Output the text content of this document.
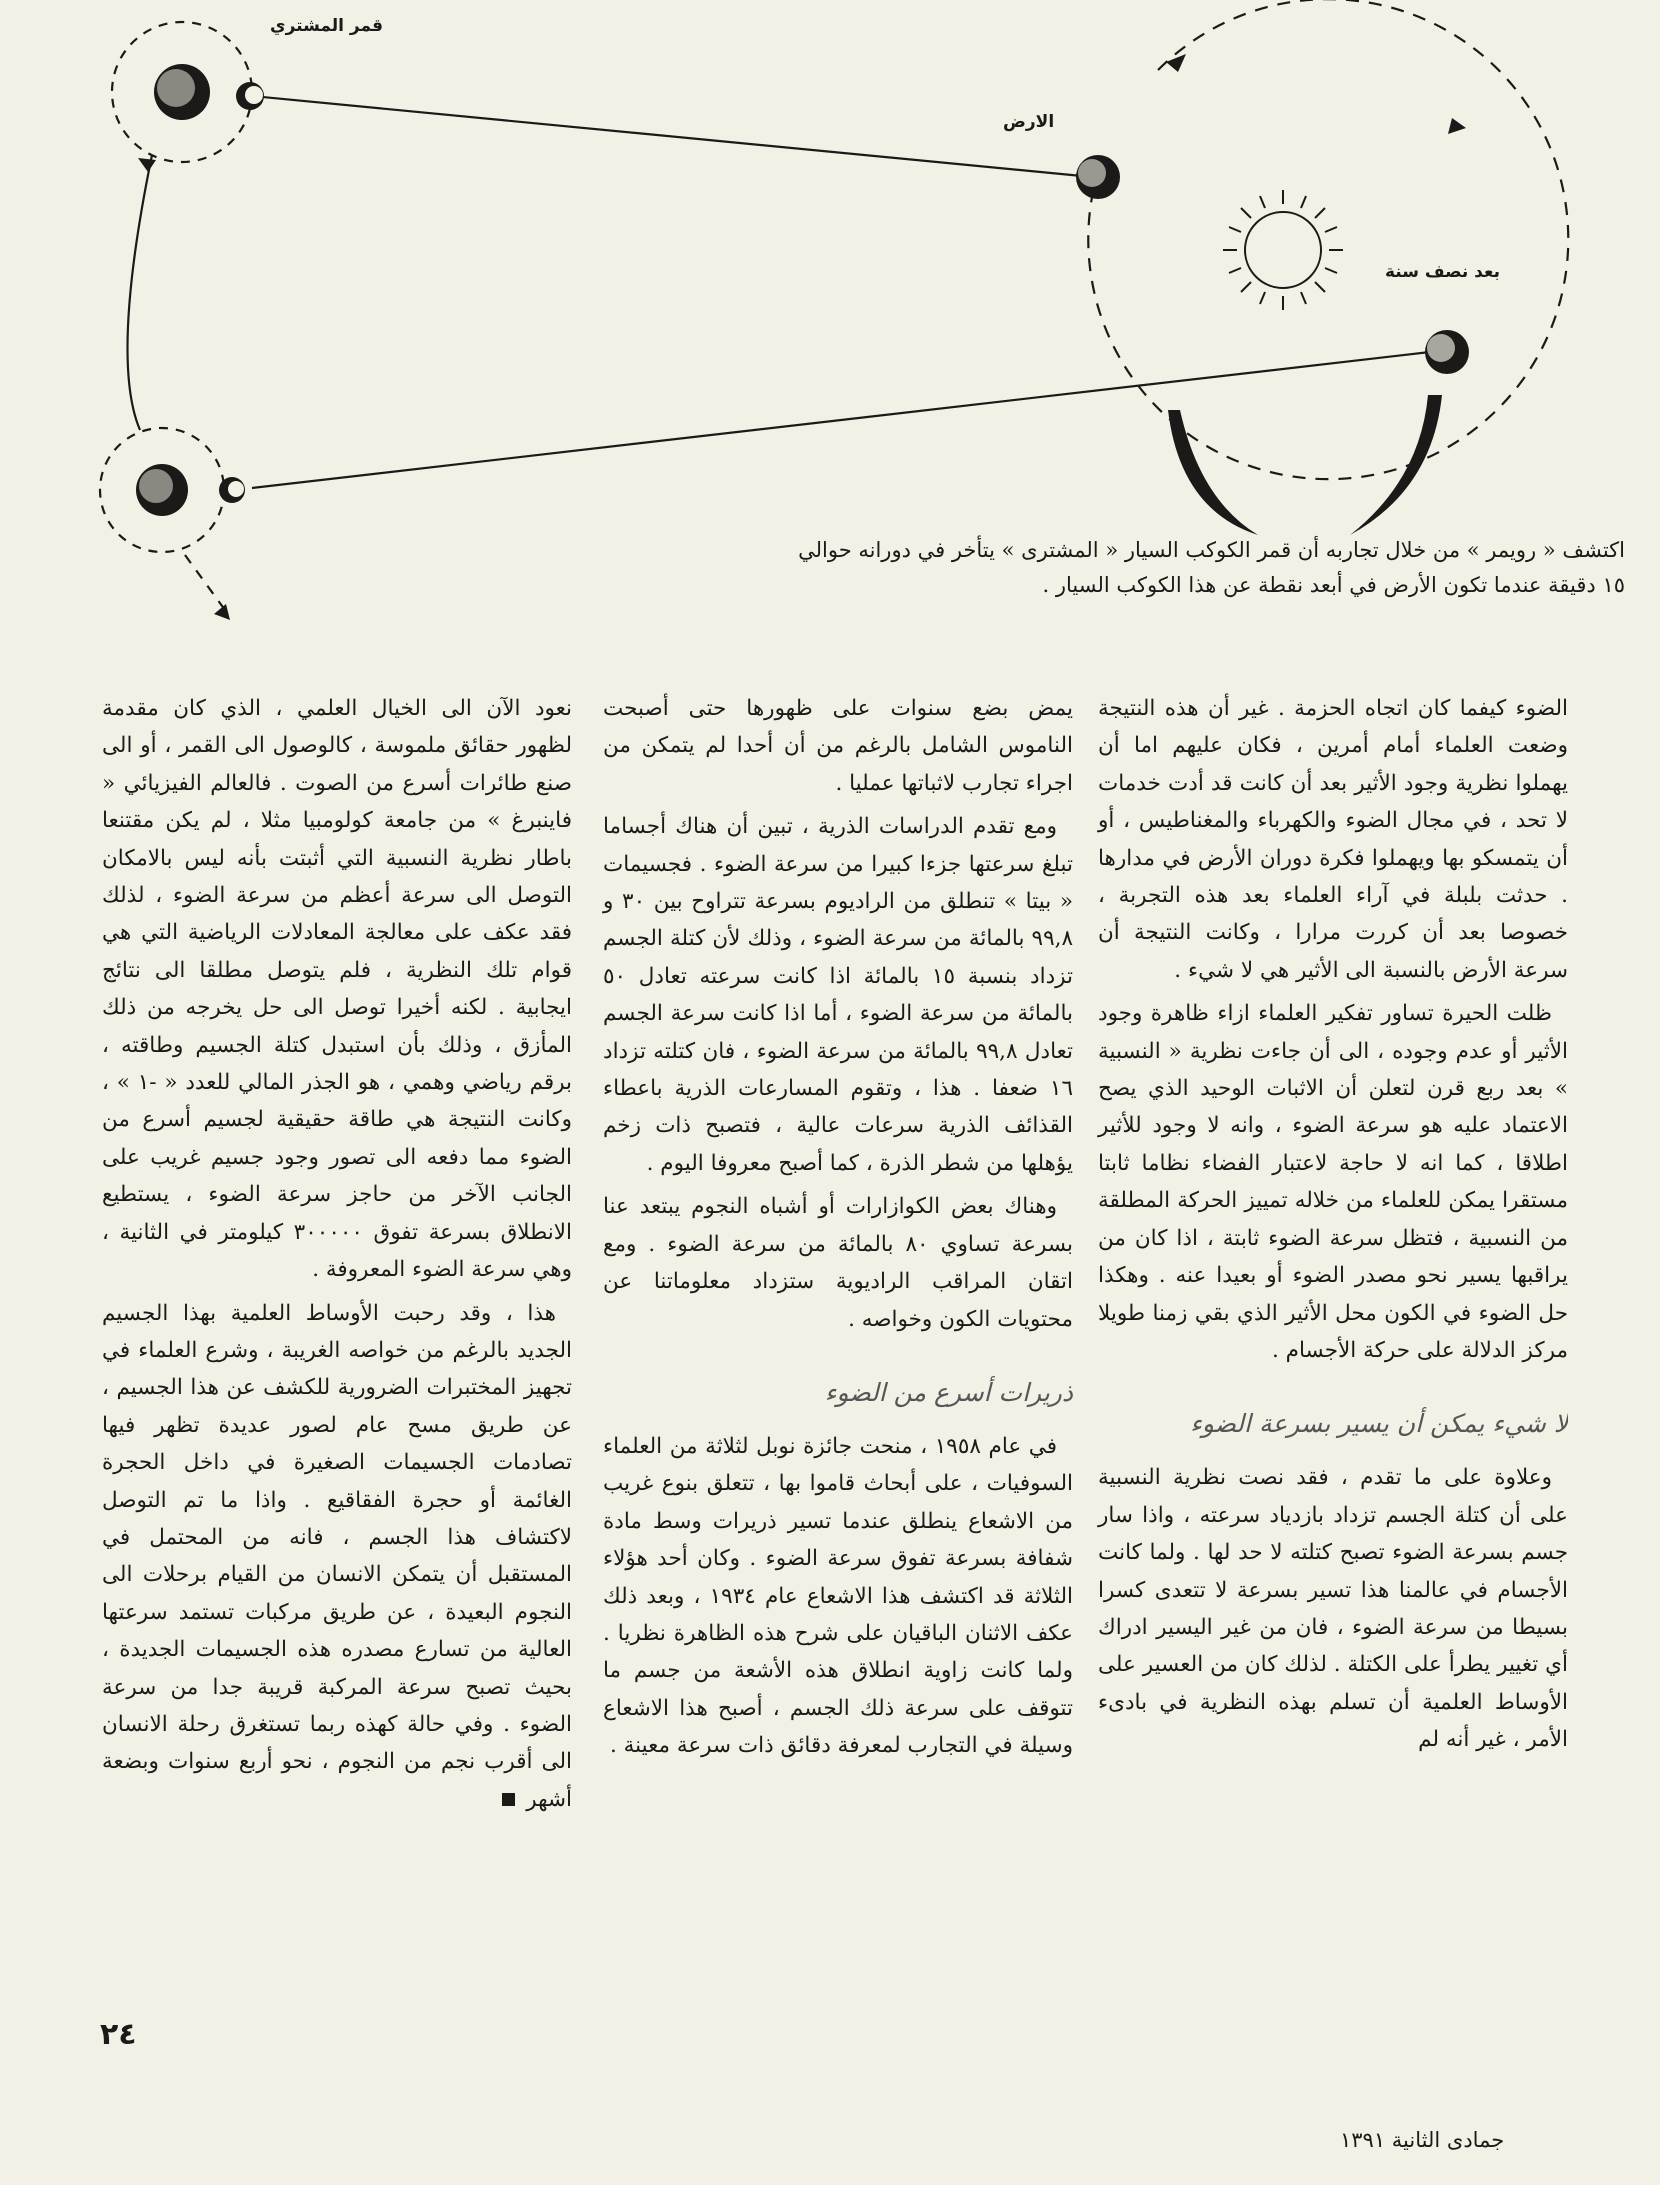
قمر المشتري
الارض
بعد نصف سنة

اكتشف « رويمر » من خلال تجاربه أن قمر الكوكب السيار « المشترى » يتأخر في دورانه حوالي

١٥ دقيقة عندما تكون الأرض في أبعد نقطة عن هذا الكوكب السيار .

الضوء كيفما كان اتجاه الحزمة . غير أن هذه النتيجة وضعت العلماء أمام أمرين ، فكان عليهم اما أن يهملوا نظرية وجود الأثير بعد أن كانت قد أدت خدمات لا تحد ، في مجال الضوء والكهرباء والمغناطيس ، أو أن يتمسكو بها ويهملوا فكرة دوران الأرض في مدارها . حدثت بلبلة في آراء العلماء بعد هذه التجربة ، خصوصا بعد أن كررت مرارا ، وكانت النتيجة أن سرعة الأرض بالنسبة الى الأثير هي لا شيء .

ظلت الحيرة تساور تفكير العلماء ازاء ظاهرة وجود الأثير أو عدم وجوده ، الى أن جاءت نظرية « النسبية » بعد ربع قرن لتعلن أن الاثبات الوحيد الذي يصح الاعتماد عليه هو سرعة الضوء ، وانه لا وجود للأثير اطلاقا ، كما انه لا حاجة لاعتبار الفضاء نظاما ثابتا مستقرا يمكن للعلماء من خلاله تمييز الحركة المطلقة من النسبية ، فتظل سرعة الضوء ثابتة ، اذا كان من يراقبها يسير نحو مصدر الضوء أو بعيدا عنه . وهكذا حل الضوء في الكون محل الأثير الذي بقي زمنا طويلا مركز الدلالة على حركة الأجسام .

لا شيء يمكن أن يسير بسرعة الضوء

وعلاوة على ما تقدم ، فقد نصت نظرية النسبية على أن كتلة الجسم تزداد بازدياد سرعته ، واذا سار جسم بسرعة الضوء تصبح كتلته لا حد لها . ولما كانت الأجسام في عالمنا هذا تسير بسرعة لا تتعدى كسرا بسيطا من سرعة الضوء ، فان من غير اليسير ادراك أي تغيير يطرأ على الكتلة . لذلك كان من العسير على الأوساط العلمية أن تسلم بهذه النظرية في بادىء الأمر ، غير أنه لم

يمض بضع سنوات على ظهورها حتى أصبحت الناموس الشامل بالرغم من أن أحدا لم يتمكن من اجراء تجارب لاثباتها عمليا .

ومع تقدم الدراسات الذرية ، تبين أن هناك أجساما تبلغ سرعتها جزءا كبيرا من سرعة الضوء . فجسيمات « بيتا » تنطلق من الراديوم بسرعة تتراوح بين ٣٠ و ٩٩,٨ بالمائة من سرعة الضوء ، وذلك لأن كتلة الجسم تزداد بنسبة ١٥ بالمائة اذا كانت سرعته تعادل ٥٠ بالمائة من سرعة الضوء ، أما اذا كانت سرعة الجسم تعادل ٩٩,٨ بالمائة من سرعة الضوء ، فان كتلته تزداد ١٦ ضعفا . هذا ، وتقوم المسارعات الذرية باعطاء القذائف الذرية سرعات عالية ، فتصبح ذات زخم يؤهلها من شطر الذرة ، كما أصبح معروفا اليوم .

وهناك بعض الكوازارات أو أشباه النجوم يبتعد عنا بسرعة تساوي ٨٠ بالمائة من سرعة الضوء . ومع اتقان المراقب الراديوية ستزداد معلوماتنا عن محتويات الكون وخواصه .

ذريرات أسرع من الضوء

في عام ١٩٥٨ ، منحت جائزة نوبل لثلاثة من العلماء السوفيات ، على أبحاث قاموا بها ، تتعلق بنوع غريب من الاشعاع ينطلق عندما تسير ذريرات وسط مادة شفافة بسرعة تفوق سرعة الضوء . وكان أحد هؤلاء الثلاثة قد اكتشف هذا الاشعاع عام ١٩٣٤ ، وبعد ذلك عكف الاثنان الباقيان على شرح هذه الظاهرة نظريا . ولما كانت زاوية انطلاق هذه الأشعة من جسم ما تتوقف على سرعة ذلك الجسم ، أصبح هذا الاشعاع وسيلة في التجارب لمعرفة دقائق ذات سرعة معينة .

نعود الآن الى الخيال العلمي ، الذي كان مقدمة لظهور حقائق ملموسة ، كالوصول الى القمر ، أو الى صنع طائرات أسرع من الصوت . فالعالم الفيزيائي « فاينبرغ » من جامعة كولومبيا مثلا ، لم يكن مقتنعا باطار نظرية النسبية التي أثبتت بأنه ليس بالامكان التوصل الى سرعة أعظم من سرعة الضوء ، لذلك فقد عكف على معالجة المعادلات الرياضية التي هي قوام تلك النظرية ، فلم يتوصل مطلقا الى نتائج ايجابية . لكنه أخيرا توصل الى حل يخرجه من ذلك المأزق ، وذلك بأن استبدل كتلة الجسيم وطاقته ، برقم رياضي وهمي ، هو الجذر المالي للعدد « -١ » ، وكانت النتيجة هي طاقة حقيقية لجسيم أسرع من الضوء مما دفعه الى تصور وجود جسيم غريب على الجانب الآخر من حاجز سرعة الضوء ، يستطيع الانطلاق بسرعة تفوق ٣٠٠٠٠٠ كيلومتر في الثانية ، وهي سرعة الضوء المعروفة .

هذا ، وقد رحبت الأوساط العلمية بهذا الجسيم الجديد بالرغم من خواصه الغريبة ، وشرع العلماء في تجهيز المختبرات الضرورية للكشف عن هذا الجسيم ، عن طريق مسح عام لصور عديدة تظهر فيها تصادمات الجسيمات الصغيرة في داخل الحجرة الغائمة أو حجرة الفقاقيع . واذا ما تم التوصل لاكتشاف هذا الجسم ، فانه من المحتمل في المستقبل أن يتمكن الانسان من القيام برحلات الى النجوم البعيدة ، عن طريق مركبات تستمد سرعتها العالية من تسارع مصدره هذه الجسيمات الجديدة ، بحيث تصبح سرعة المركبة قريبة جدا من سرعة الضوء . وفي حالة كهذه ربما تستغرق رحلة الانسان الى أقرب نجم من النجوم ، نحو أربع سنوات وبضعة أشهر

٢٤
جمادى الثانية ١٣٩١
